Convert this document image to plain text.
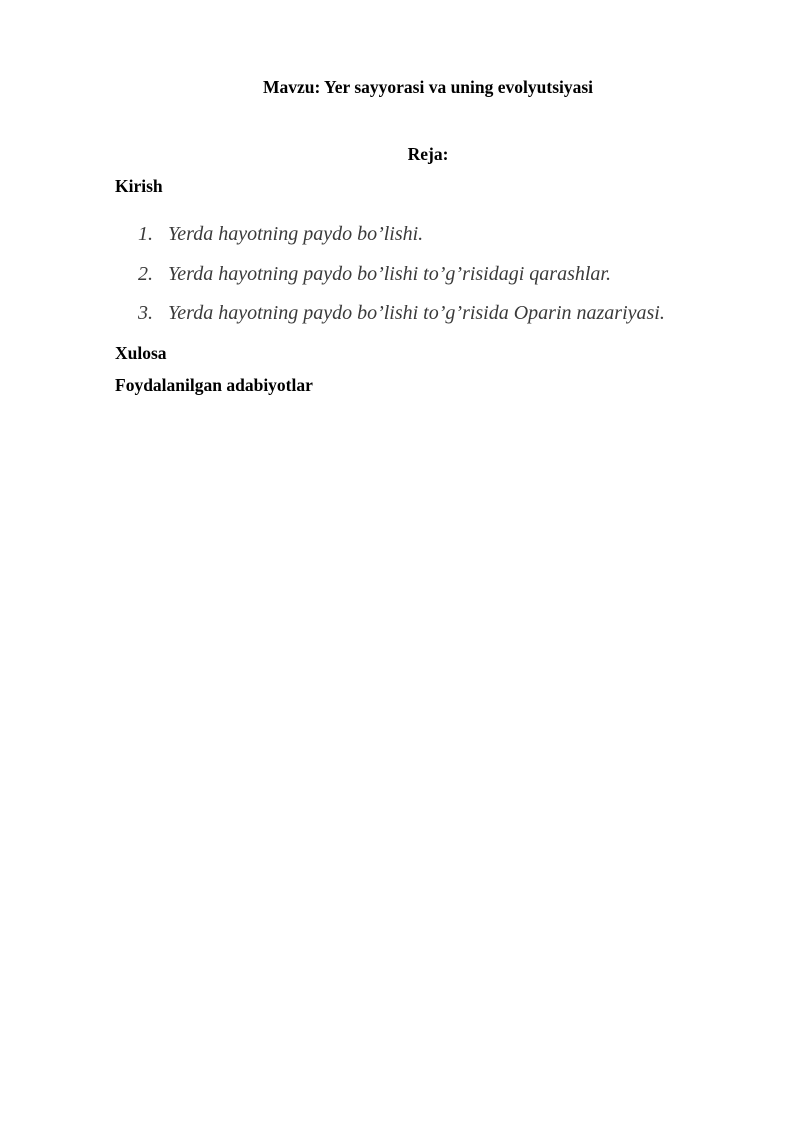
Mavzu: Yer sayyorasi va uning evolyutsiyasi
Reja:
Kirish
1. Yerda hayotning paydo bo’lishi.
2. Yerda hayotning paydo bo’lishi to’g’risidagi qarashlar.
3. Yerda hayotning paydo bo’lishi to’g’risida Oparin nazariyasi.
Xulosa
Foydalanilgan adabiyotlar
